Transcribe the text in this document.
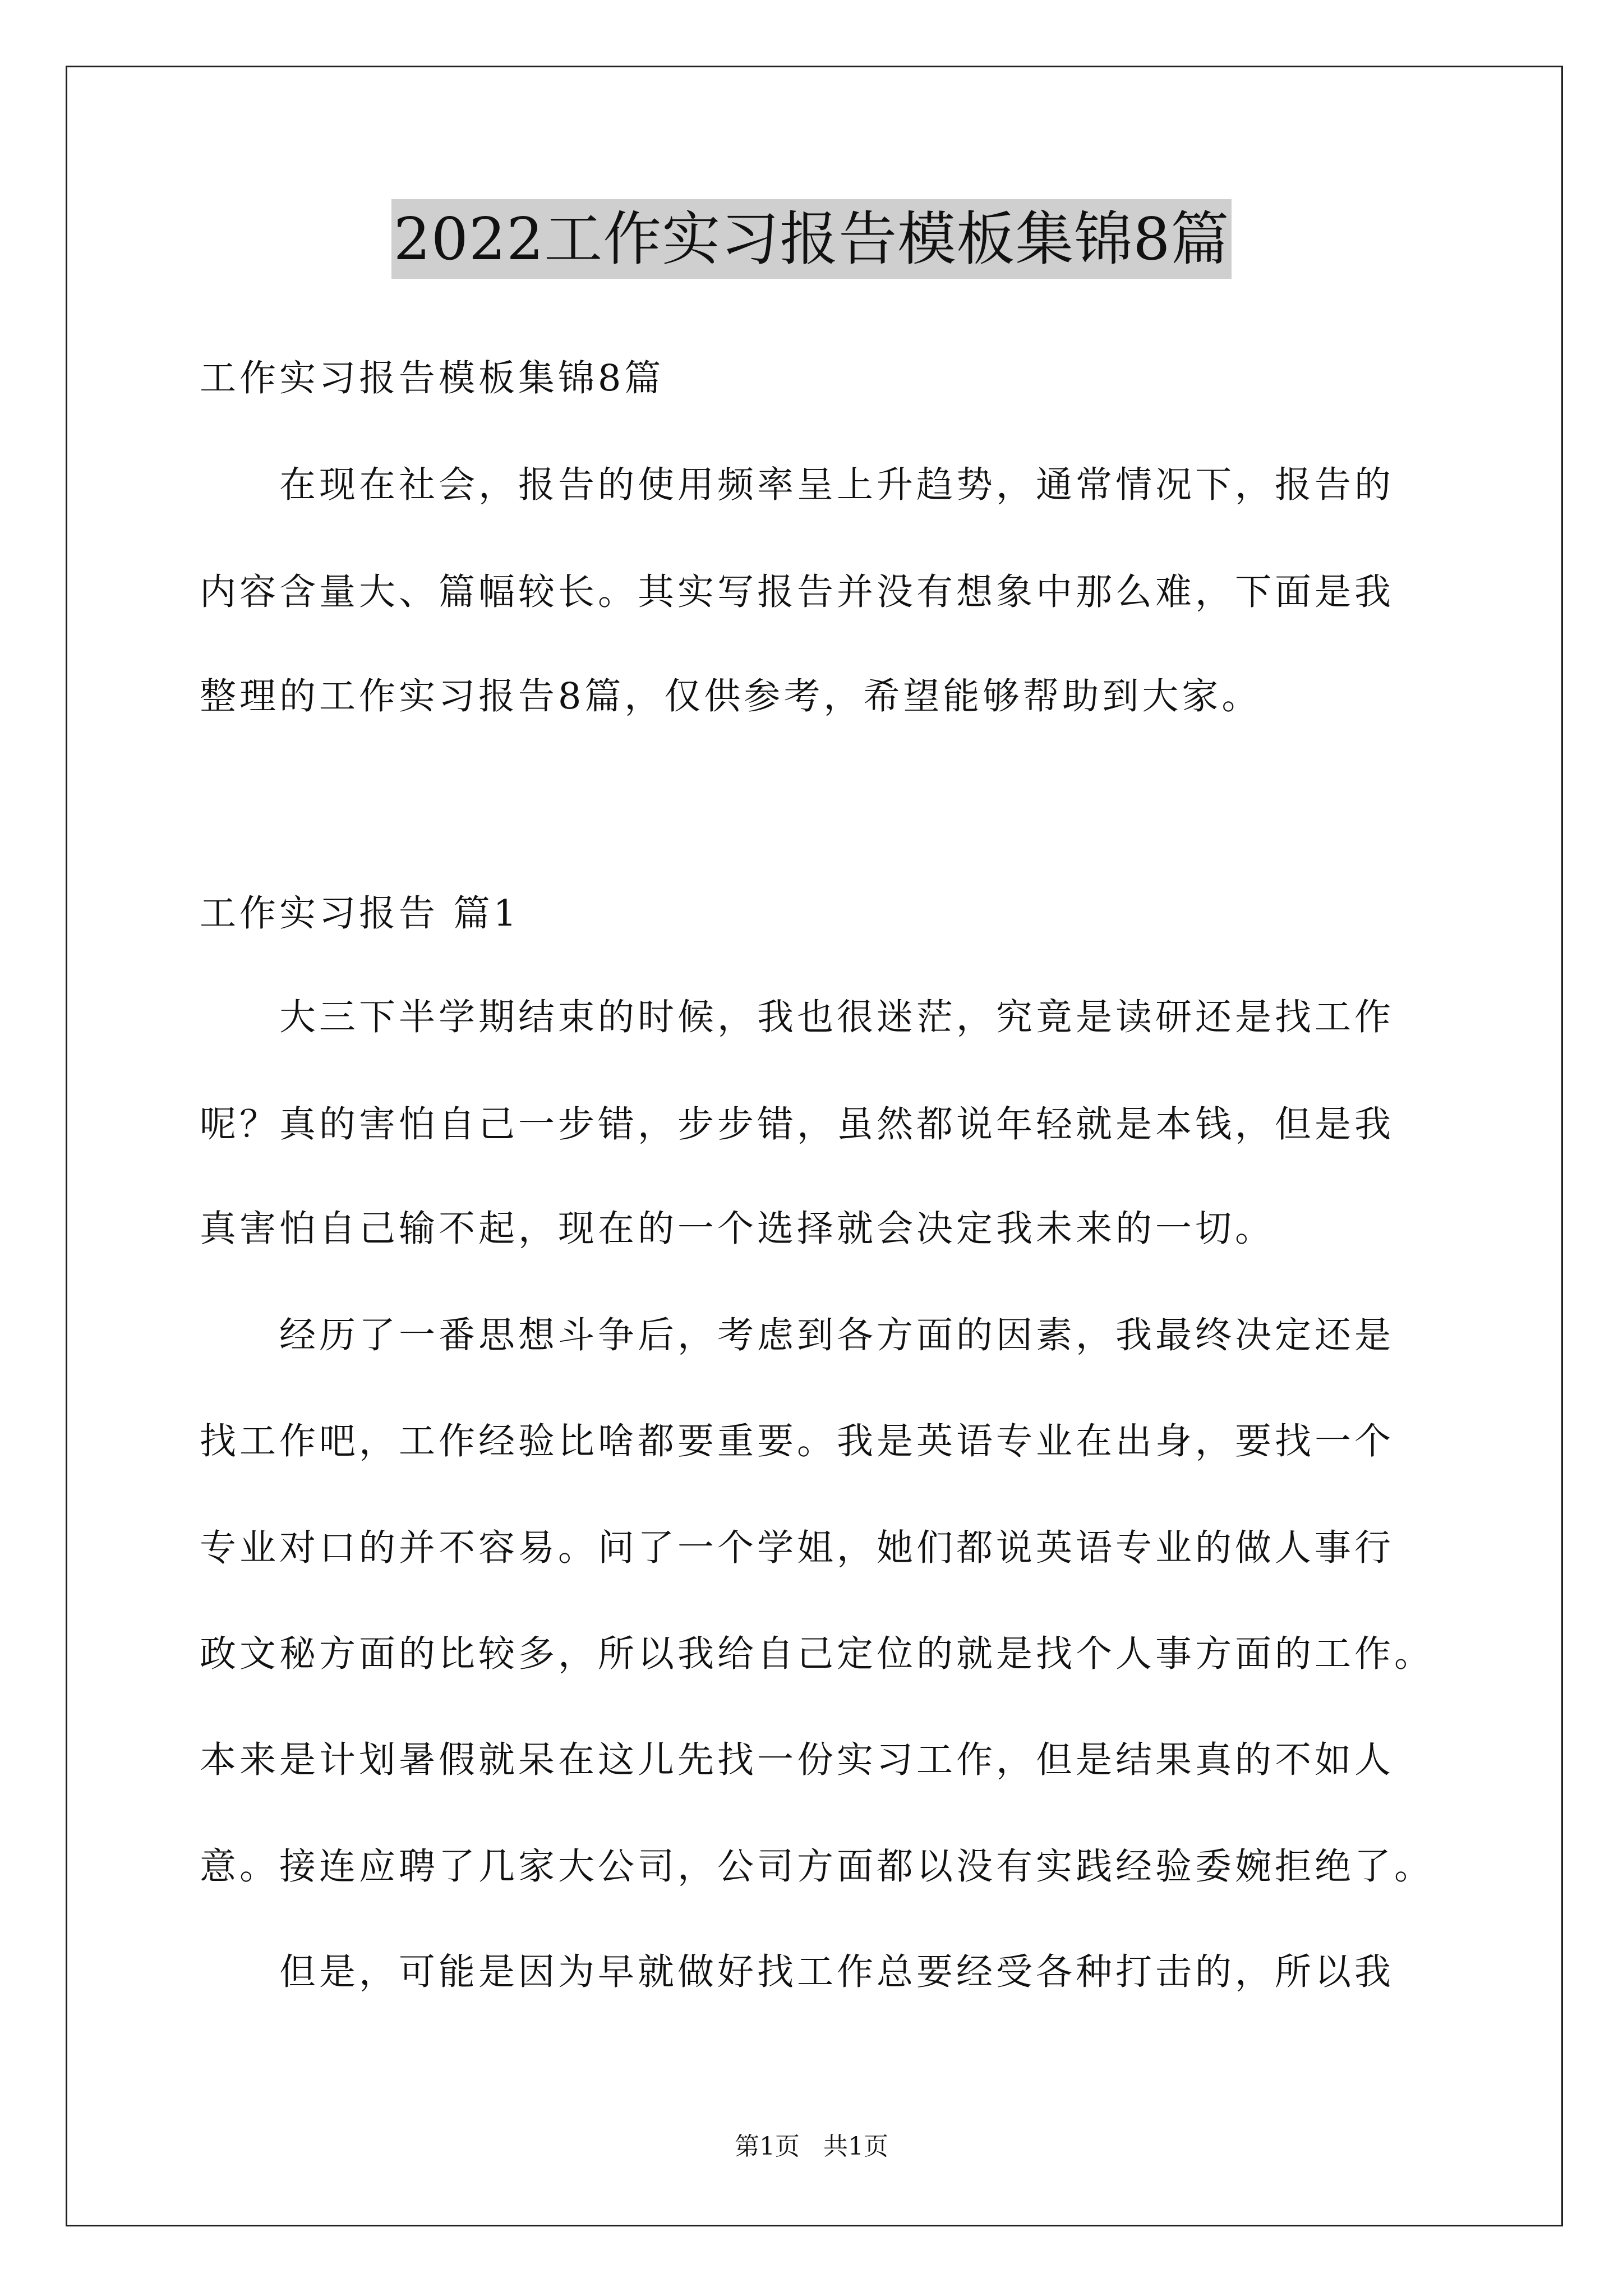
2022工作实习报告模板集锦8篇
工作实习报告模板集锦8篇
在现在社会，报告的使用频率呈上升趋势，通常情况下，报告的
内容含量大、篇幅较长。其实写报告并没有想象中那么难，下面是我
整理的工作实习报告8篇，仅供参考，希望能够帮助到大家。
工作实习报告 篇1
大三下半学期结束的时候，我也很迷茫，究竟是读研还是找工作
呢？真的害怕自己一步错，步步错，虽然都说年轻就是本钱，但是我
真害怕自己输不起，现在的一个选择就会决定我未来的一切。
经历了一番思想斗争后，考虑到各方面的因素，我最终决定还是
找工作吧，工作经验比啥都要重要。我是英语专业在出身，要找一个
专业对口的并不容易。问了一个学姐，她们都说英语专业的做人事行
政文秘方面的比较多，所以我给自己定位的就是找个人事方面的工作。
本来是计划暑假就呆在这儿先找一份实习工作，但是结果真的不如人
意。接连应聘了几家大公司，公司方面都以没有实践经验委婉拒绝了。
但是，可能是因为早就做好找工作总要经受各种打击的，所以我
第1页   共1页
